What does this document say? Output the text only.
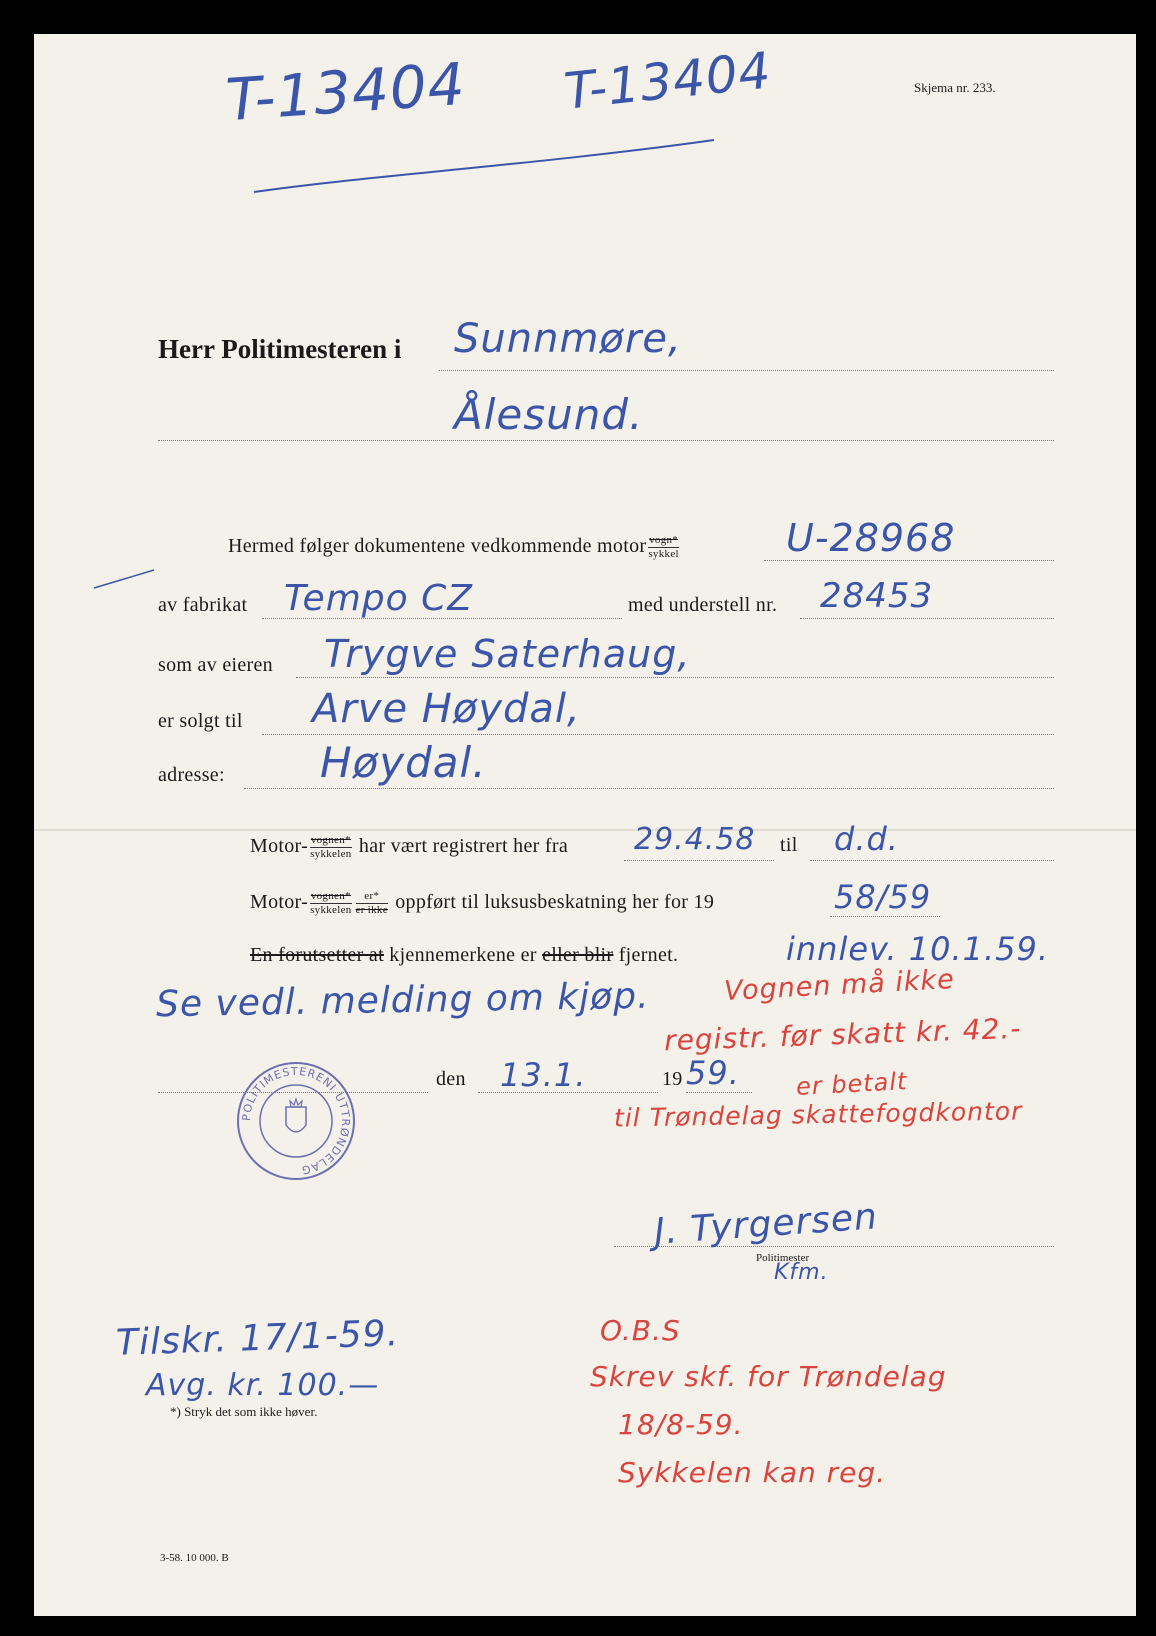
Skjema nr. 233.
T-13404 T-13404
Herr Politimesteren i Sunnmøre,
Ålesund.
Hermed følger dokumentene vedkommende motor $\frac{\text{vogn*}}{\text{sykkel}}$	U-28968
av fabrikat Tempo CZ	med understell nr. 28453
som av eieren Trygve Saterhaug,
er solgt til Arve Høydal,
adresse: Høydal.
Motor- $\frac{\text{vognen*}}{\text{sykkelen}}$ har vært registrert her fra 29.4.58 til d.d.
Motor- $\frac{\text{vognen*}}{\text{sykkelen}} \frac{er*}{\text{er ikke}}$ oppført til luksusbeskatning her for 19	58/59
En forutsetter at kjennemerkene er eller blir fjernet.	innlev. 10.1.59.
Se vedl. melding om kjøp.	Vognen må ikke
registr. før skatt kr. 42.-
er betalt
til Trøndelag skattefogdkontor
den 13.1.	19 59.
POLITIMESTERENI UTTRØNDELAG
J. Tyrgersen
Politimester
Kfm.
Tilskr. 17/1-59.
Avg. kr. 100.—
*) Stryk det som ikke høver.
O.B.S
Skrev skf. for Trøndelag
18/8-59.
Sykkelen kan reg.
3-58. 10 000. B
